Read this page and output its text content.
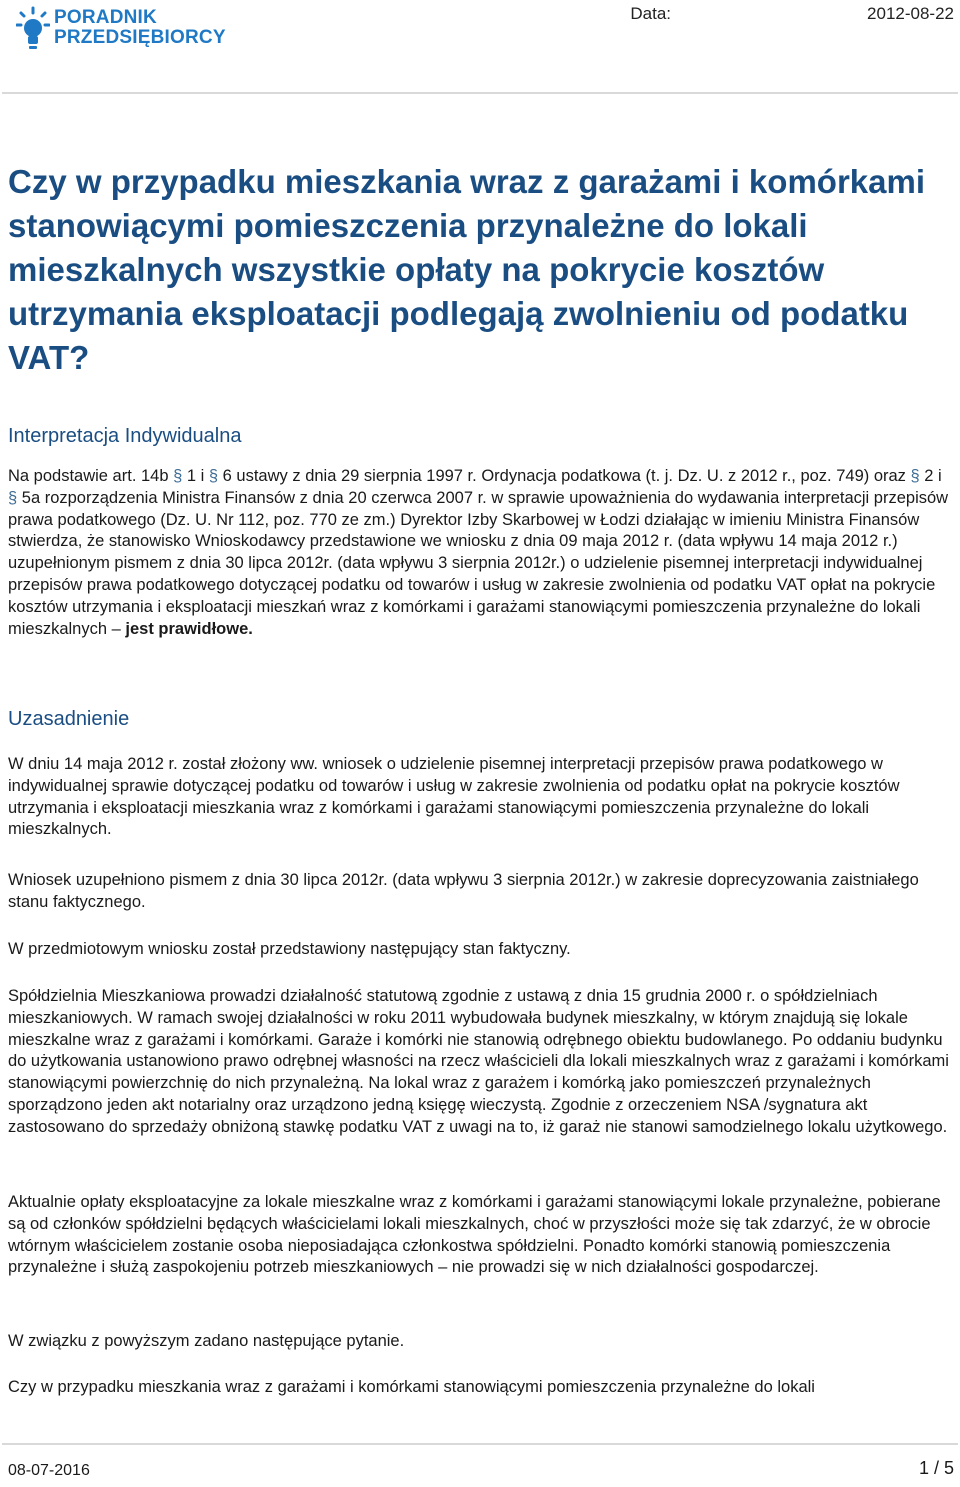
PORADNIK
PRZEDSIĘBIORCY
Data:	2012-08-22
Czy w przypadku mieszkania wraz z garażami i komórkami stanowiącymi pomieszczenia przynależne do lokali mieszkalnych wszystkie opłaty na pokrycie kosztów utrzymania eksploatacji podlegają zwolnieniu od podatku VAT?
Interpretacja Indywidualna

Na podstawie art. 14b § 1 i § 6 ustawy z dnia 29 sierpnia 1997 r. Ordynacja podatkowa (t. j. Dz. U. z 2012 r., poz. 749) oraz § 2 i § 5a rozporządzenia Ministra Finansów z dnia 20 czerwca 2007 r. w sprawie upoważnienia do wydawania interpretacji przepisów prawa podatkowego (Dz. U. Nr 112, poz. 770 ze zm.) Dyrektor Izby Skarbowej w Łodzi działając w imieniu Ministra Finansów stwierdza, że stanowisko Wnioskodawcy przedstawione we wniosku z dnia 09 maja 2012 r. (data wpływu 14 maja 2012 r.) uzupełnionym pismem z dnia 30 lipca 2012r. (data wpływu 3 sierpnia 2012r.) o udzielenie pisemnej interpretacji indywidualnej przepisów prawa podatkowego dotyczącej podatku od towarów i usług w zakresie zwolnienia od podatku VAT opłat na pokrycie kosztów utrzymania i eksploatacji mieszkań wraz z komórkami i garażami stanowiącymi pomieszczenia przynależne do lokali mieszkalnych – jest prawidłowe.

Uzasadnienie

W dniu 14 maja 2012 r. został złożony ww. wniosek o udzielenie pisemnej interpretacji przepisów prawa podatkowego w indywidualnej sprawie dotyczącej podatku od towarów i usług w zakresie zwolnienia od podatku opłat na pokrycie kosztów utrzymania i eksploatacji mieszkania wraz z komórkami i garażami stanowiącymi pomieszczenia przynależne do lokali mieszkalnych.

Wniosek uzupełniono pismem z dnia 30 lipca 2012r. (data wpływu 3 sierpnia 2012r.) w zakresie doprecyzowania zaistniałego stanu faktycznego.

W przedmiotowym wniosku został przedstawiony następujący stan faktyczny.

Spółdzielnia Mieszkaniowa prowadzi działalność statutową zgodnie z ustawą z dnia 15 grudnia 2000 r. o spółdzielniach mieszkaniowych. W ramach swojej działalności w roku 2011 wybudowała budynek mieszkalny, w którym znajdują się lokale mieszkalne wraz z garażami i komórkami. Garaże i komórki nie stanowią odrębnego obiektu budowlanego. Po oddaniu budynku do użytkowania ustanowiono prawo odrębnej własności na rzecz właścicieli dla lokali mieszkalnych wraz z garażami i komórkami stanowiącymi powierzchnię do nich przynależną. Na lokal wraz z garażem i komórką jako pomieszczeń przynależnych sporządzono jeden akt notarialny oraz urządzono jedną księgę wieczystą. Zgodnie z orzeczeniem NSA /sygnatura akt zastosowano do sprzedaży obniżoną stawkę podatku VAT z uwagi na to, iż garaż nie stanowi samodzielnego lokalu użytkowego.

Aktualnie opłaty eksploatacyjne za lokale mieszkalne wraz z komórkami i garażami stanowiącymi lokale przynależne, pobierane są od członków spółdzielni będących właścicielami lokali mieszkalnych, choć w przyszłości może się tak zdarzyć, że w obrocie wtórnym właścicielem zostanie osoba nieposiadająca członkostwa spółdzielni. Ponadto komórki stanowią pomieszczenia przynależne i służą zaspokojeniu potrzeb mieszkaniowych – nie prowadzi się w nich działalności gospodarczej.

W związku z powyższym zadano następujące pytanie.

Czy w przypadku mieszkania wraz z garażami i komórkami stanowiącymi pomieszczenia przynależne do lokali

08-07-2016	1 / 5
